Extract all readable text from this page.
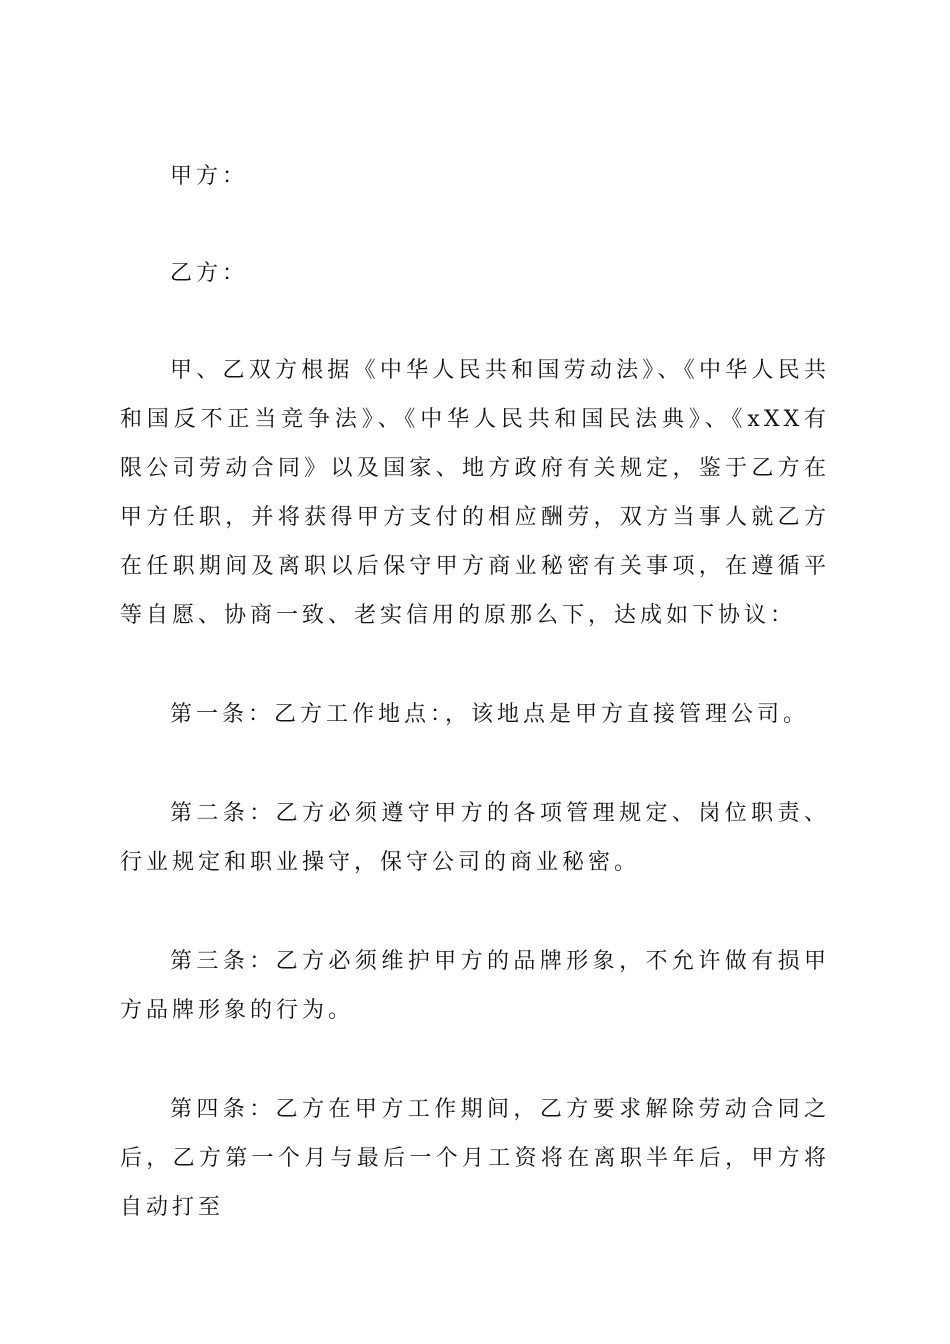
甲方：

乙方：

甲、乙双方根据《中华人民共和国劳动法》、《中华人民共和国反不正当竞争法》、《中华人民共和国民法典》、《xXX有限公司劳动合同》以及国家、地方政府有关规定，鉴于乙方在甲方任职，并将获得甲方支付的相应酬劳，双方当事人就乙方在任职期间及离职以后保守甲方商业秘密有关事项，在遵循平等自愿、协商一致、老实信用的原那么下，达成如下协议：

第一条：乙方工作地点：，该地点是甲方直接管理公司。

第二条：乙方必须遵守甲方的各项管理规定、岗位职责、行业规定和职业操守，保守公司的商业秘密。

第三条：乙方必须维护甲方的品牌形象，不允许做有损甲方品牌形象的行为。

第四条：乙方在甲方工作期间，乙方要求解除劳动合同之后，乙方第一个月与最后一个月工资将在离职半年后，甲方将自动打至
